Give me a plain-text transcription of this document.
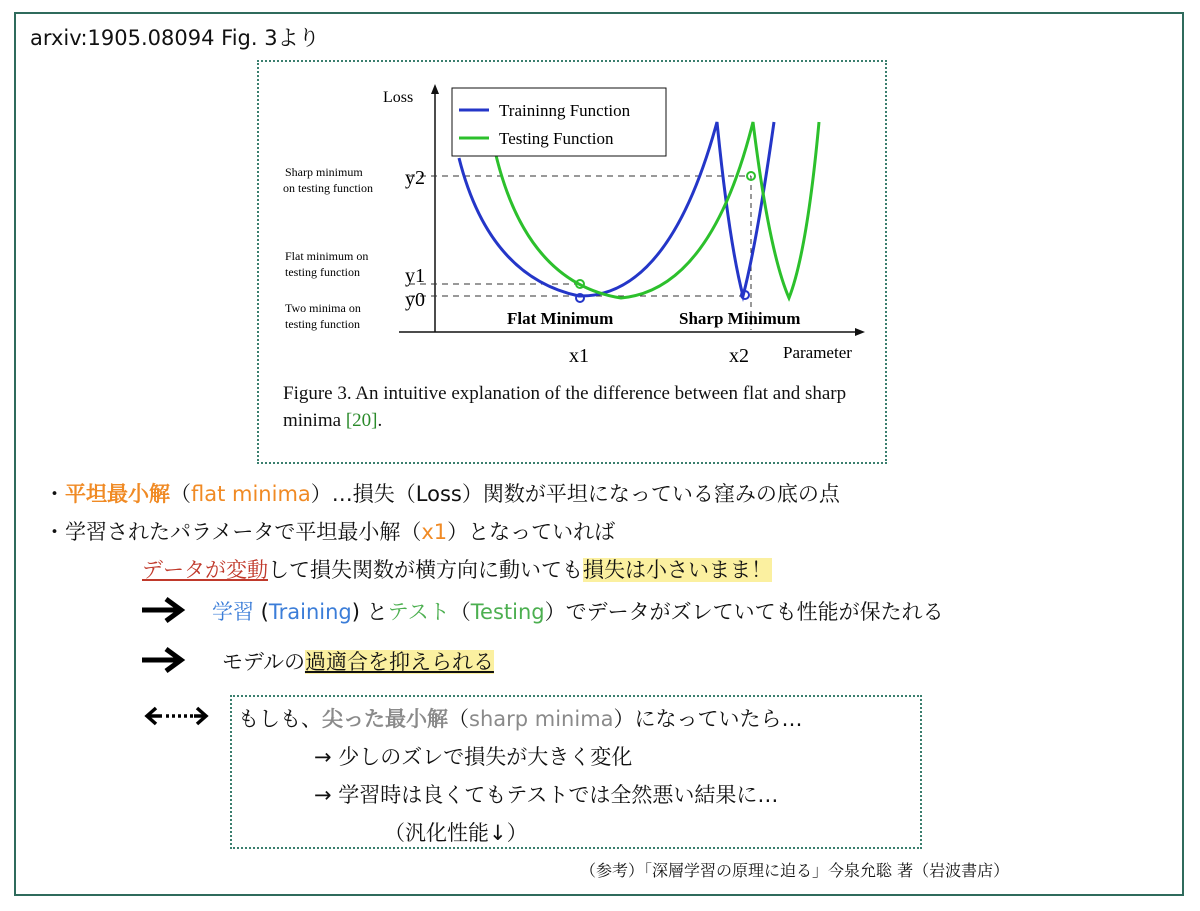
arxiv:1905.08094 Fig. 3より
Loss
Parameter
Traininng Function
Testing Function
y2
y1
y0
x1	x2
Sharp minimum
on testing function
Flat minimum on
testing function
Two minima on
testing function	Flat Minimum	Sharp Minimum
Figure 3. An intuitive explanation of the difference between flat and sharp minima [20].
・平坦最小解（flat minima）…損失（Loss）関数が平坦になっている窪みの底の点
・学習されたパラメータで平坦最小解（x1）となっていれば
データが変動して損失関数が横方向に動いても損失は小さいまま！
学習 (Training) とテスト（Testing）でデータがズレていても性能が保たれる
モデルの過適合を抑えられる
もしも、尖った最小解（sharp minima）になっていたら…
→ 少しのズレで損失が大きく変化
→ 学習時は良くてもテストでは全然悪い結果に…
（汎化性能↓）
（参考）「深層学習の原理に迫る」今泉允聡 著（岩波書店）
